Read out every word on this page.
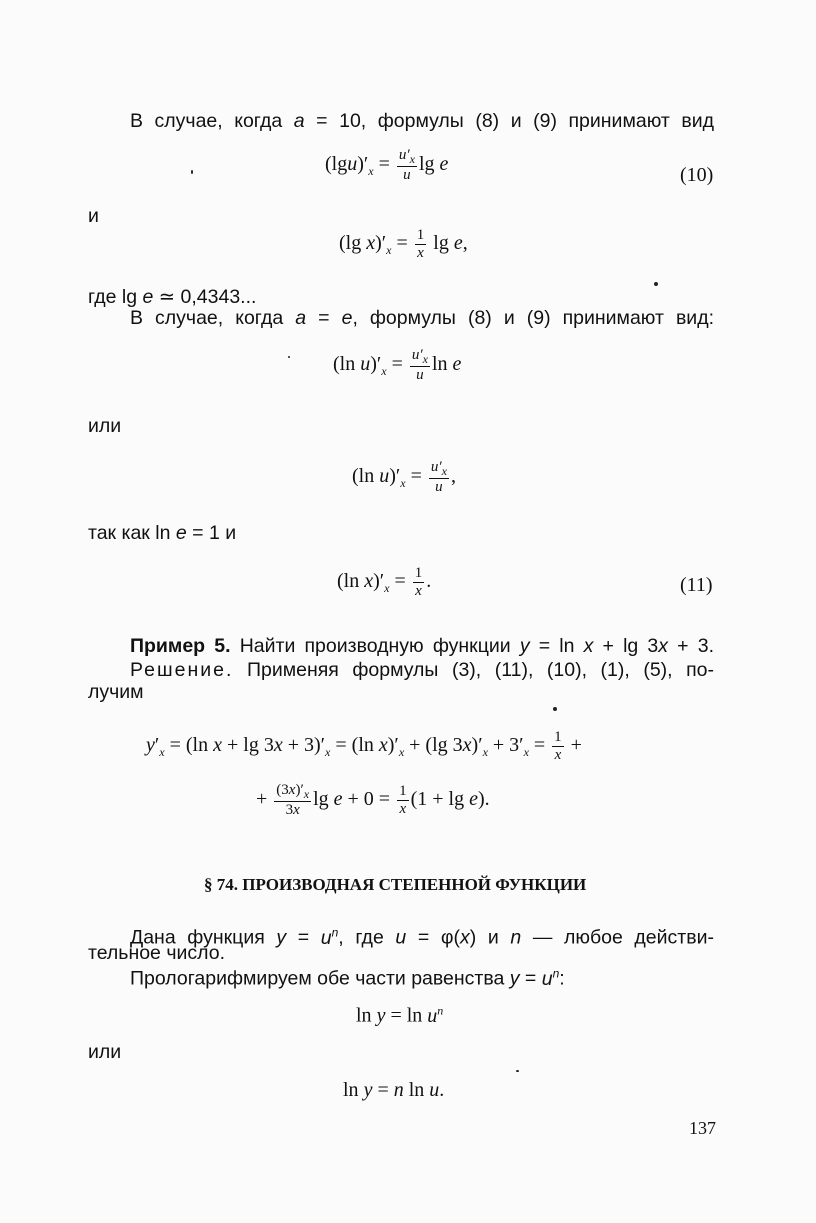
В случае, когда a = 10, формулы (8) и (9) принимают вид
$(\lg u)'_x = \frac{u'_x}{u}$ lg e	(10)
и
(lg $x)'_x = \frac{1}{x}$ lg e,
где lg e ≃ 0,4343...
В случае, когда a = e, формулы (8) и (9) принимают вид:
(ln $u)'_x = \frac{u'_x}{u}$ ln e
или
(ln $u)'_x = \frac{u'_x}{u}$ ,
так как ln e = 1 и
(ln $x)'_x = \frac{1}{x}$ .	(11)
Пример 5. Найти производную функции y = ln x + lg 3x + 3.
Решение. Применяя формулы (3), (11), (10), (1), (5), по-
лучим
$y'_x = (\ln$ $x + \lg 3x + 3)'_x = (\ln$ $x)'_x + (\lg$ $3x)'_x + 3'_x = \frac{1}{x}$ +
+ $\frac{(3x)'_x}{3x}$ $\lg e + 0 = \frac{1}{x} (1 + \lg e)$.
§ 74. ПРОИЗВОДНАЯ СТЕПЕННОЙ ФУНКЦИИ
Дана функция $y = u^n$, где u = φ(x) и n — любое действи-
тельное число.
Прологарифмируем обе части равенства $y = u^n$:
$\ln y = \ln u^n$
или
ln y = n ln u.
137
